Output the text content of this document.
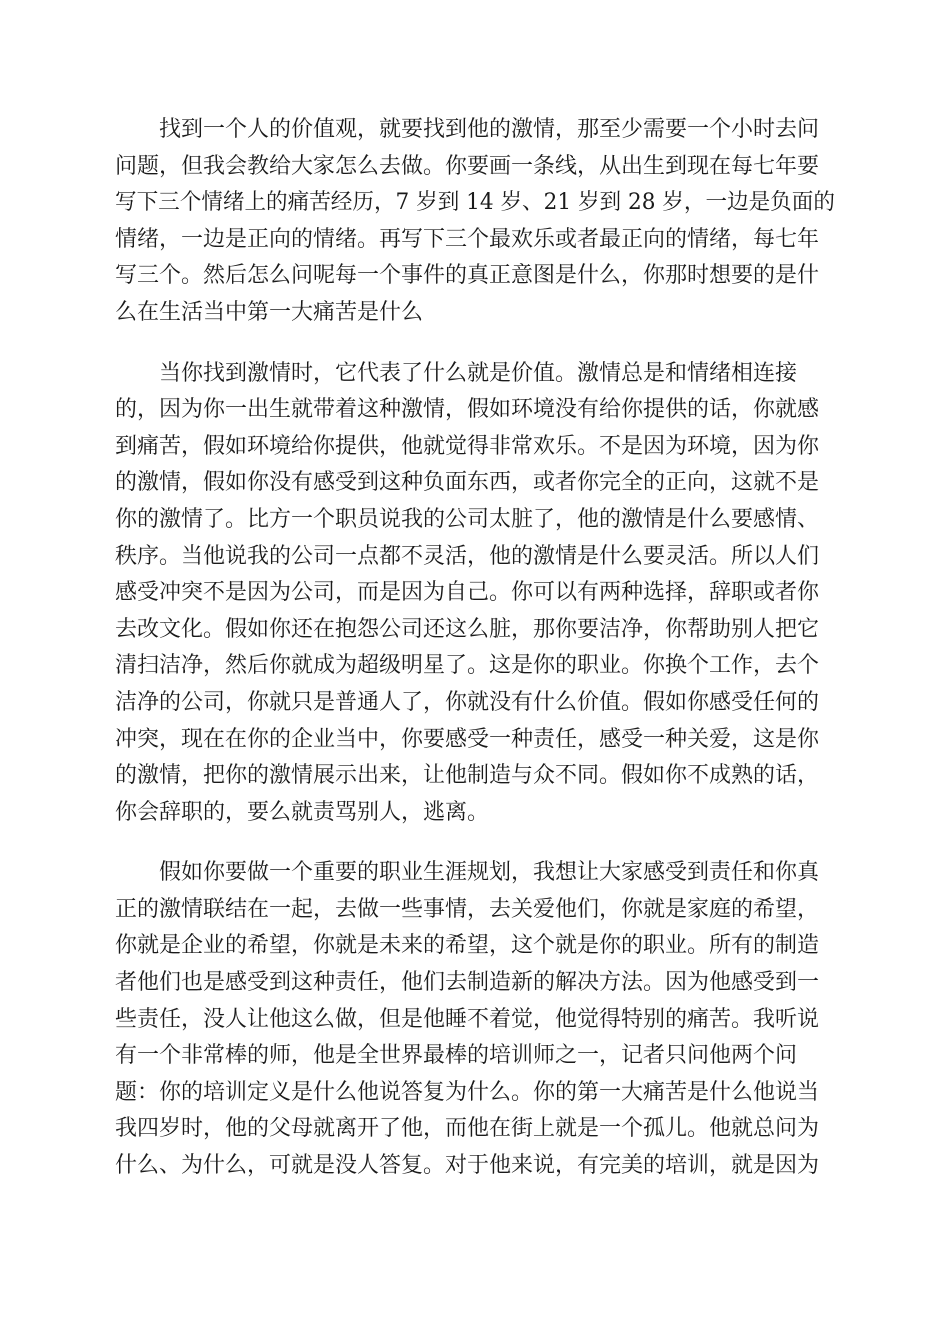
找到一个人的价值观，就要找到他的激情，那至少需要一个小时去问
问题，但我会教给大家怎么去做。你要画一条线，从出生到现在每七年要
写下三个情绪上的痛苦经历，7 岁到 14 岁、21 岁到 28 岁，一边是负面的
情绪，一边是正向的情绪。再写下三个最欢乐或者最正向的情绪，每七年
写三个。然后怎么问呢每一个事件的真正意图是什么，你那时想要的是什
么在生活当中第一大痛苦是什么

当你找到激情时，它代表了什么就是价值。激情总是和情绪相连接
的，因为你一出生就带着这种激情，假如环境没有给你提供的话，你就感
到痛苦，假如环境给你提供，他就觉得非常欢乐。不是因为环境，因为你
的激情，假如你没有感受到这种负面东西，或者你完全的正向，这就不是
你的激情了。比方一个职员说我的公司太脏了，他的激情是什么要感情、
秩序。当他说我的公司一点都不灵活，他的激情是什么要灵活。所以人们
感受冲突不是因为公司，而是因为自己。你可以有两种选择，辞职或者你
去改文化。假如你还在抱怨公司还这么脏，那你要洁净，你帮助别人把它
清扫洁净，然后你就成为超级明星了。这是你的职业。你换个工作，去个
洁净的公司，你就只是普通人了，你就没有什么价值。假如你感受任何的
冲突，现在在你的企业当中，你要感受一种责任，感受一种关爱，这是你
的激情，把你的激情展示出来，让他制造与众不同。假如你不成熟的话，
你会辞职的，要么就责骂别人，逃离。

假如你要做一个重要的职业生涯规划，我想让大家感受到责任和你真
正的激情联结在一起，去做一些事情，去关爱他们，你就是家庭的希望，
你就是企业的希望，你就是未来的希望，这个就是你的职业。所有的制造
者他们也是感受到这种责任，他们去制造新的解决方法。因为他感受到一
些责任，没人让他这么做，但是他睡不着觉，他觉得特别的痛苦。我听说
有一个非常棒的师，他是全世界最棒的培训师之一，记者只问他两个问
题：你的培训定义是什么他说答复为什么。你的第一大痛苦是什么他说当
我四岁时，他的父母就离开了他，而他在街上就是一个孤儿。他就总问为
什么、为什么，可就是没人答复。对于他来说，有完美的培训，就是因为
